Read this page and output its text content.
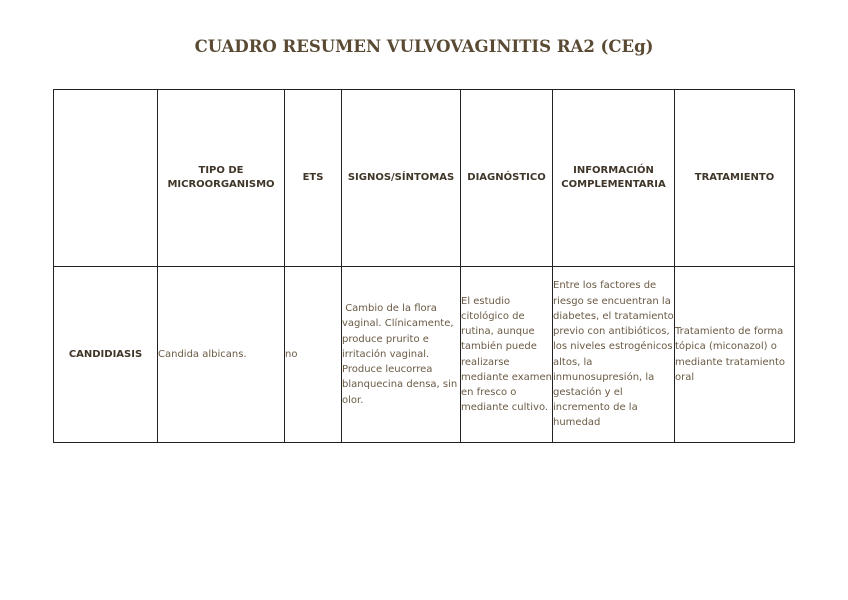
CUADRO RESUMEN VULVOVAGINITIS RA2 (CEg)
	TIPO DE MICROORGANISMO	ETS	SIGNOS/SÍNTOMAS	DIAGNÓSTICO	INFORMACIÓN COMPLEMENTARIA	TRATAMIENTO
CANDIDIASIS	Candida albicans.	no	Cambio de la flora vaginal. Clínicamente, produce prurito e irritación vaginal. Produce leucorrea blanquecina densa, sin olor.	El estudio citológico de rutina, aunque también puede realizarse mediante examen en fresco o mediante cultivo.	Entre los factores de riesgo se encuentran la diabetes, el tratamiento previo con antibióticos, los niveles estrogénicos altos, la inmunosupresión, la gestación y el incremento de la humedad	Tratamiento de forma tópica (miconazol) o mediante tratamiento oral
